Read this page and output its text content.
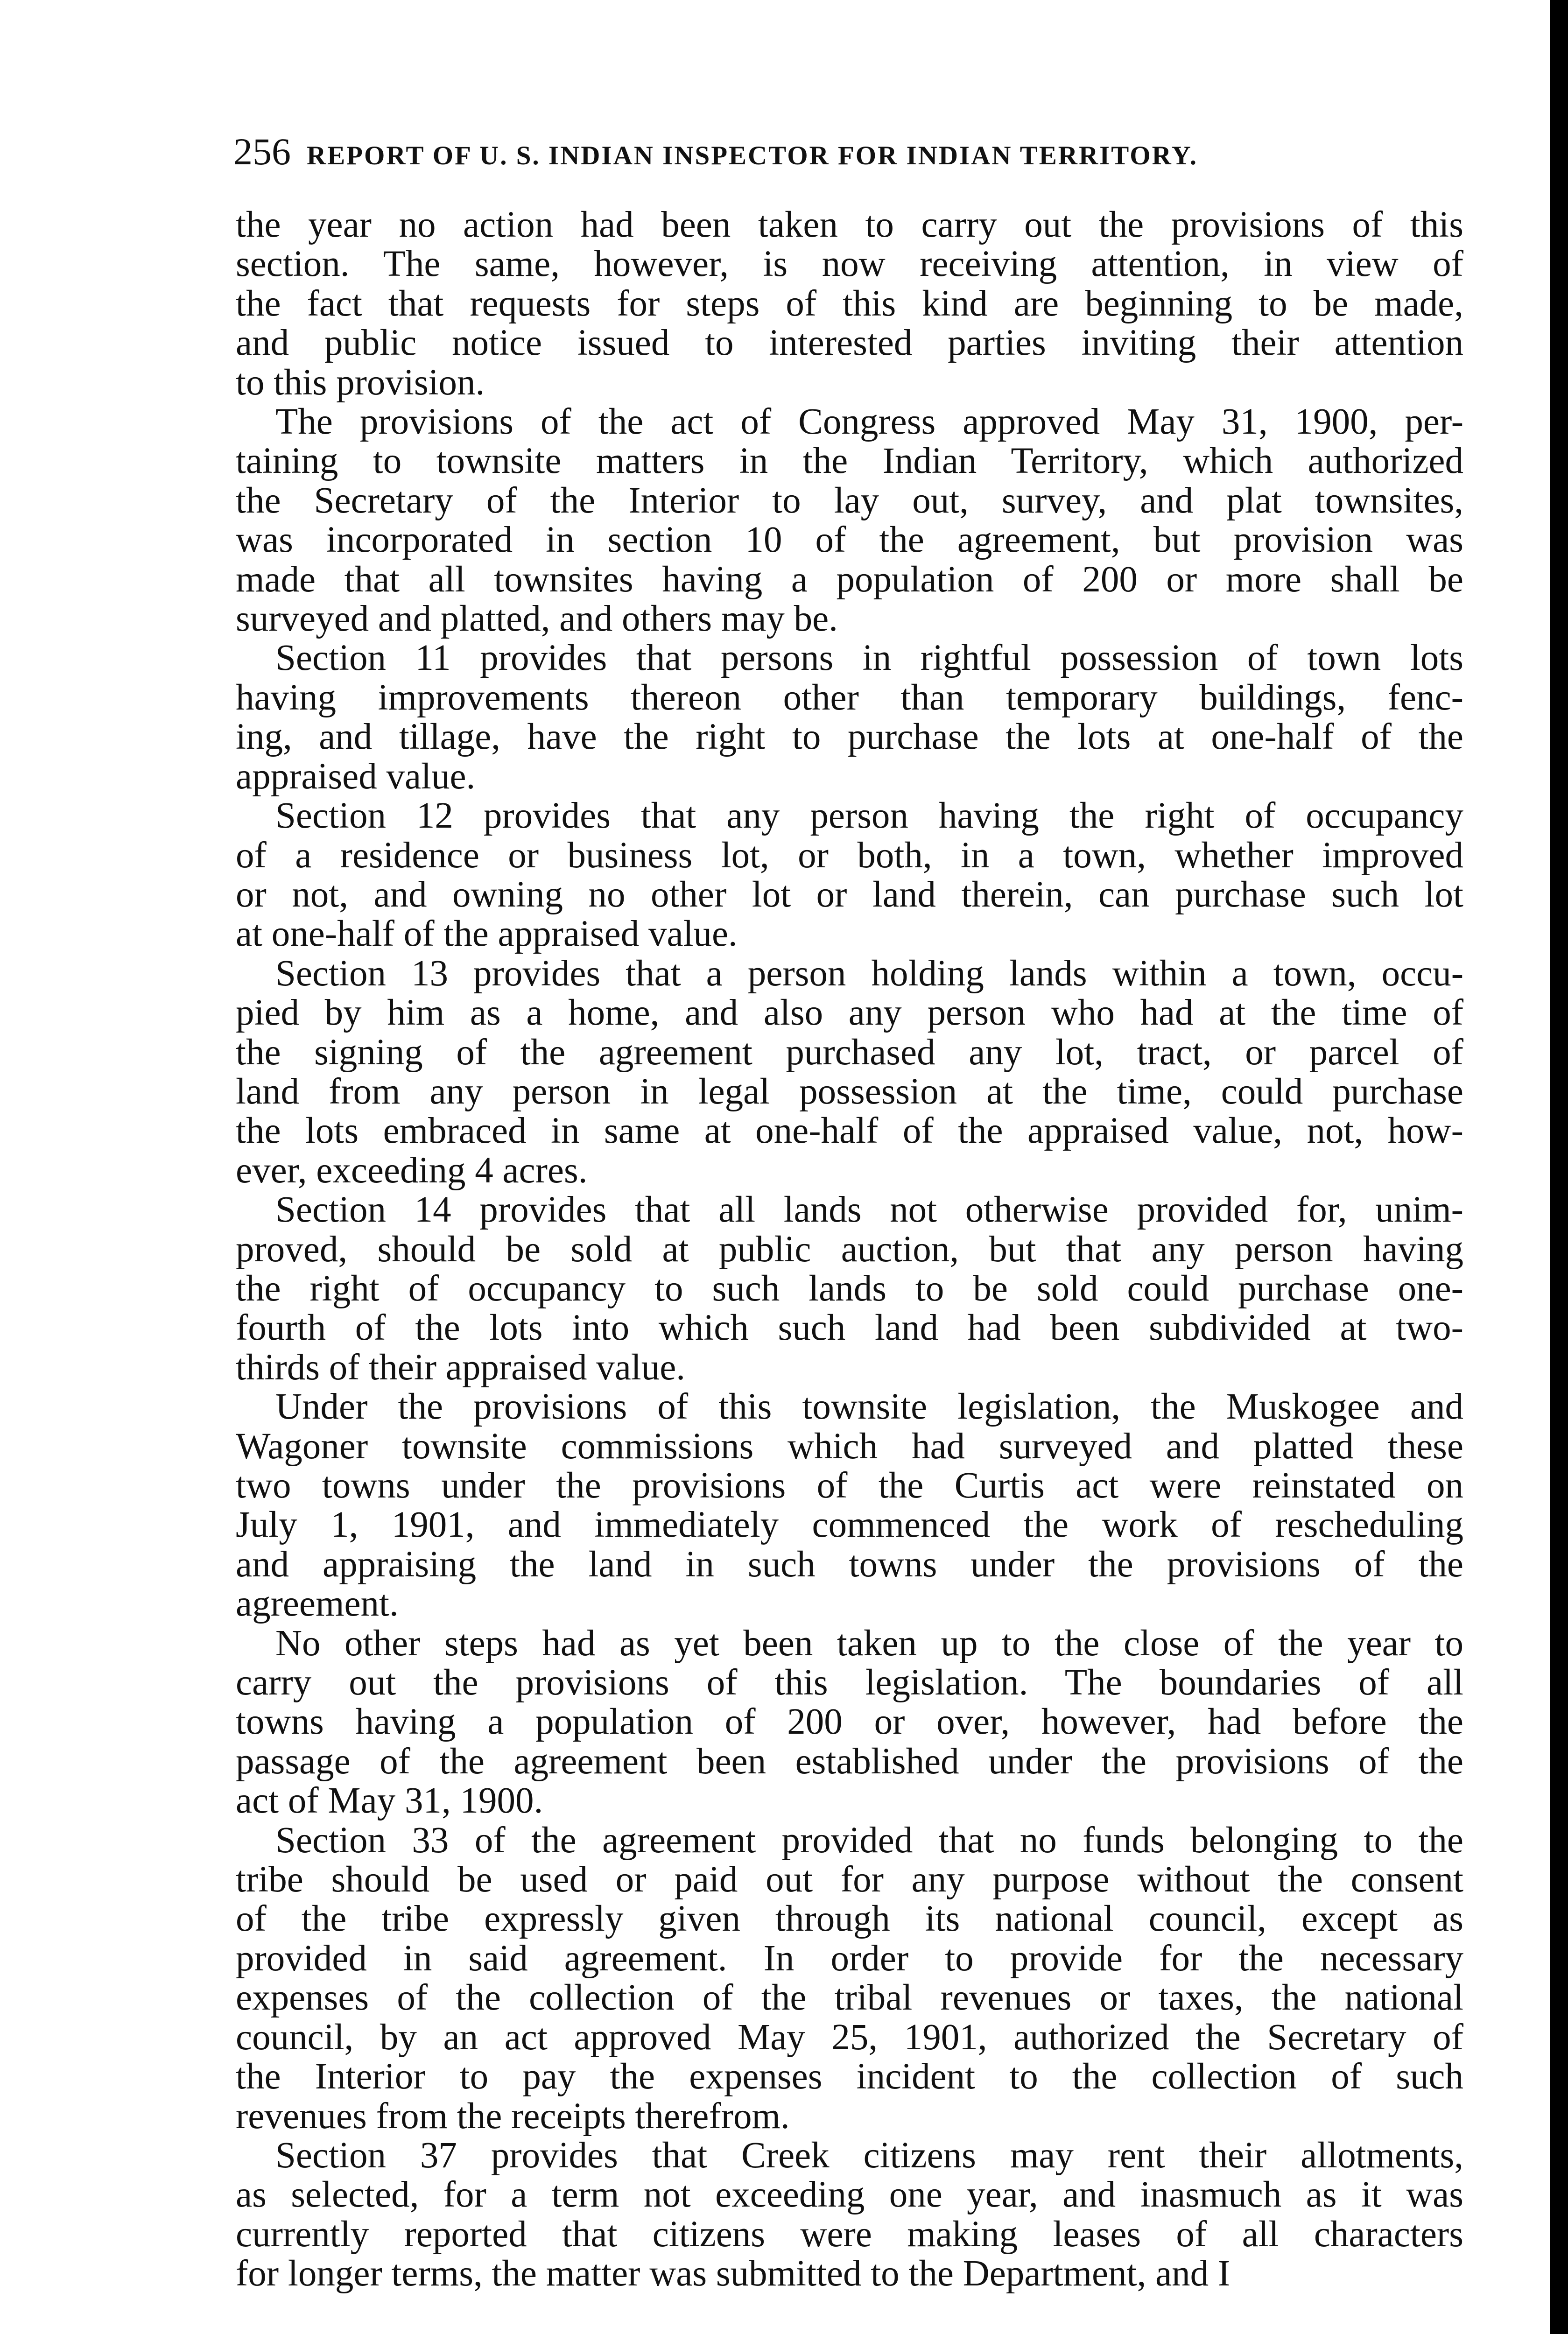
256 REPORT OF U. S. INDIAN INSPECTOR FOR INDIAN TERRITORY.
the year no action had been taken to carry out the provisions of this
section. The same, however, is now receiving attention, in view of
the fact that requests for steps of this kind are beginning to be made,
and public notice issued to interested parties inviting their attention
to this provision.
The provisions of the act of Congress approved May 31, 1900, per-
taining to townsite matters in the Indian Territory, which authorized
the Secretary of the Interior to lay out, survey, and plat townsites,
was incorporated in section 10 of the agreement, but provision was
made that all townsites having a population of 200 or more shall be
surveyed and platted, and others may be.
Section 11 provides that persons in rightful possession of town lots
having improvements thereon other than temporary buildings, fenc-
ing, and tillage, have the right to purchase the lots at one-half of the
appraised value.
Section 12 provides that any person having the right of occupancy
of a residence or business lot, or both, in a town, whether improved
or not, and owning no other lot or land therein, can purchase such lot
at one-half of the appraised value.
Section 13 provides that a person holding lands within a town, occu-
pied by him as a home, and also any person who had at the time of
the signing of the agreement purchased any lot, tract, or parcel of
land from any person in legal possession at the time, could purchase
the lots embraced in same at one-half of the appraised value, not, how-
ever, exceeding 4 acres.
Section 14 provides that all lands not otherwise provided for, unim-
proved, should be sold at public auction, but that any person having
the right of occupancy to such lands to be sold could purchase one-
fourth of the lots into which such land had been subdivided at two-
thirds of their appraised value.
Under the provisions of this townsite legislation, the Muskogee and
Wagoner townsite commissions which had surveyed and platted these
two towns under the provisions of the Curtis act were reinstated on
July 1, 1901, and immediately commenced the work of rescheduling
and appraising the land in such towns under the provisions of the
agreement.
No other steps had as yet been taken up to the close of the year to
carry out the provisions of this legislation. The boundaries of all
towns having a population of 200 or over, however, had before the
passage of the agreement been established under the provisions of the
act of May 31, 1900.
Section 33 of the agreement provided that no funds belonging to the
tribe should be used or paid out for any purpose without the consent
of the tribe expressly given through its national council, except as
provided in said agreement. In order to provide for the necessary
expenses of the collection of the tribal revenues or taxes, the national
council, by an act approved May 25, 1901, authorized the Secretary of
the Interior to pay the expenses incident to the collection of such
revenues from the receipts therefrom.
Section 37 provides that Creek citizens may rent their allotments,
as selected, for a term not exceeding one year, and inasmuch as it was
currently reported that citizens were making leases of all characters
for longer terms, the matter was submitted to the Department, and I
